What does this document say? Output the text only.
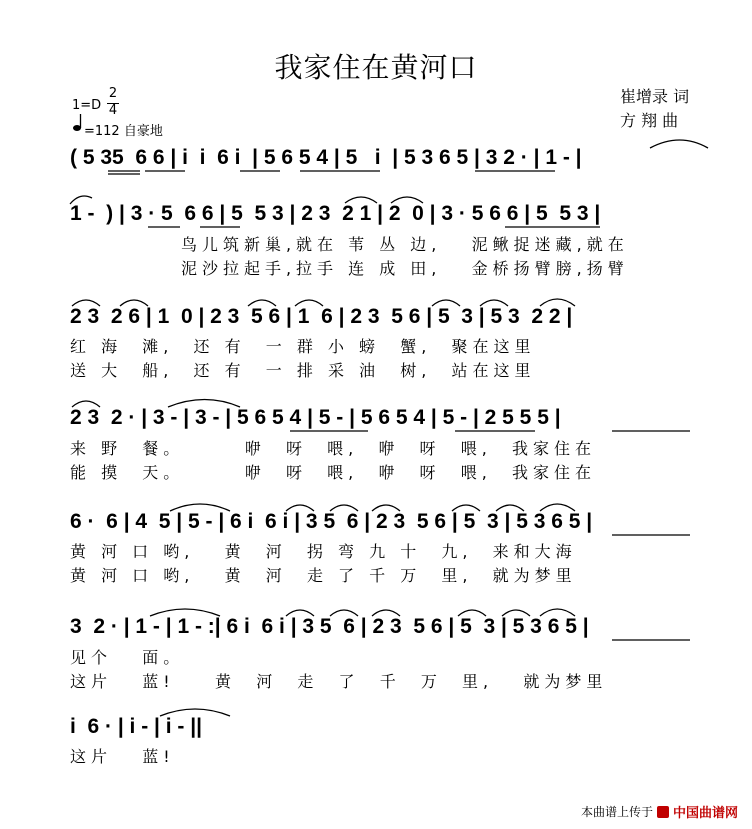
我家住在黄河口
崔增录 词
方 翔 曲
1=D
2
4
=112 自豪地
( 5 35  6 6 | i  i  6 i  | 5 6 5 4 | 5   i  | 5 3 6 5 | 3 2 · | 1 - |
1 -  ) | 3 · 5  6 6 | 5  5 3 | 2 3  2 1 | 2  0 | 3 · 5 6 6 | 5  5 3 |
鸟儿筑新巢,就在 苇 丛 边,   泥鳅捉迷藏,就在
泥沙拉起手,拉手 连 成 田,   金桥扬臂膀,扬臂
2 3  2 6 | 1  0 | 2 3  5 6 | 1  6 | 2 3  5 6 | 5  3 | 5 3  2 2 |
红 海  滩,  还 有  一 群 小 螃  蟹,  聚在这里
送 大  船,  还 有  一 排 采 油  树,  站在这里
2 3  2 · | 3 - | 3 - | 5 6 5 4 | 5 - | 5 6 5 4 | 5 - | 2 5 5 5 |
来 野  餐。      咿  呀  喂,  咿  呀  喂,  我家住在
能 摸  天。      咿  呀  喂,  咿  呀  喂,  我家住在
6 ·  6 | 4  5 | 5 - | 6 i  6 i | 3 5  6 | 2 3  5 6 | 5  3 | 5 3 6 5 |
黄 河 口 哟,   黄  河  拐 弯 九 十  九,  来和大海
黄 河 口 哟,   黄  河  走 了 千 万  里,  就为梦里
3  2 · | 1 - | 1 - :| 6 i  6 i | 3 5  6 | 2 3  5 6 | 5  3 | 5 3 6 5 |
见个   面。
这片   蓝!    黄  河  走  了  千  万  里,   就为梦里
i  6 · | i - | i - ||
这片   蓝!
本曲谱上传于 中国曲谱网
